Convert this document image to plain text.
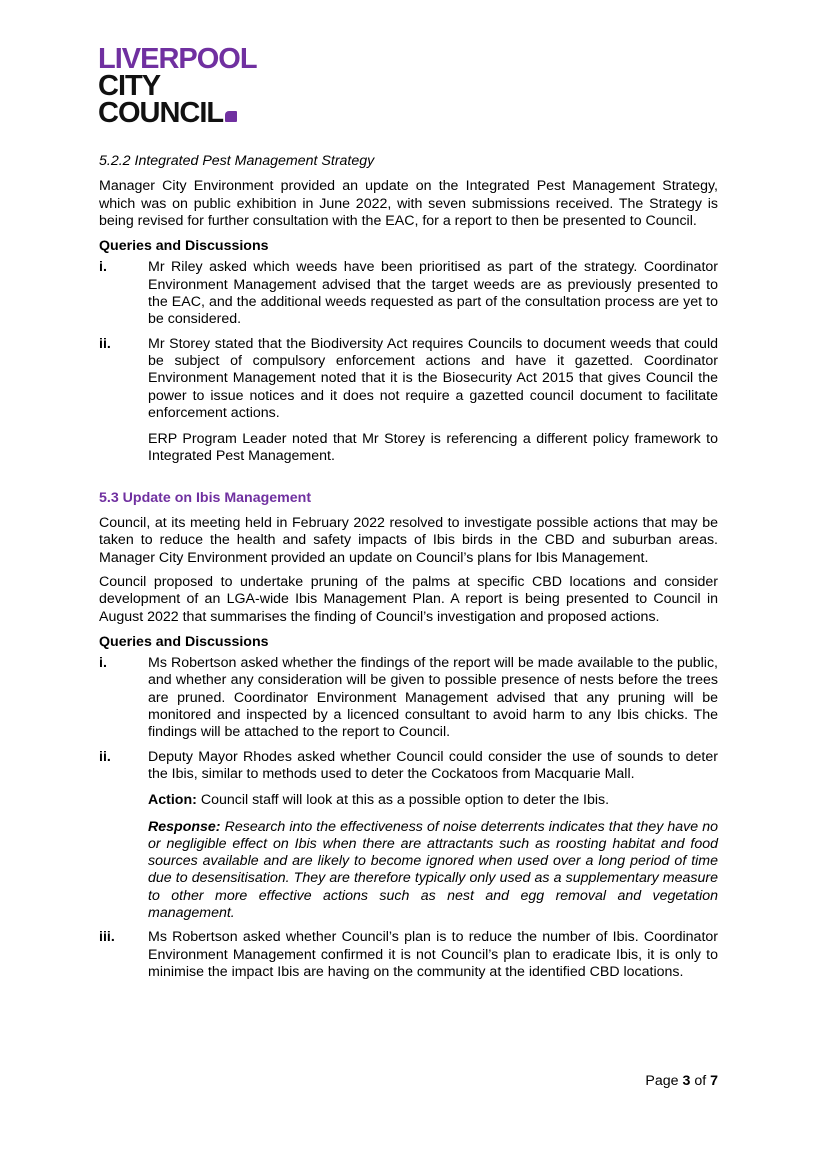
LIVERPOOL
CITY
COUNCIL

5.2.2 Integrated Pest Management Strategy

Manager City Environment provided an update on the Integrated Pest Management Strategy, which was on public exhibition in June 2022, with seven submissions received. The Strategy is being revised for further consultation with the EAC, for a report to then be presented to Council.

Queries and Discussions

i.	Mr Riley asked which weeds have been prioritised as part of the strategy. Coordinator Environment Management advised that the target weeds are as previously presented to the EAC, and the additional weeds requested as part of the consultation process are yet to be considered.

ii.	Mr Storey stated that the Biodiversity Act requires Councils to document weeds that could be subject of compulsory enforcement actions and have it gazetted. Coordinator Environment Management noted that it is the Biosecurity Act 2015 that gives Council the power to issue notices and it does not require a gazetted council document to facilitate enforcement actions.

ERP Program Leader noted that Mr Storey is referencing a different policy framework to Integrated Pest Management.

5.3 Update on Ibis Management

Council, at its meeting held in February 2022 resolved to investigate possible actions that may be taken to reduce the health and safety impacts of Ibis birds in the CBD and suburban areas. Manager City Environment provided an update on Council’s plans for Ibis Management.

Council proposed to undertake pruning of the palms at specific CBD locations and consider development of an LGA-wide Ibis Management Plan. A report is being presented to Council in August 2022 that summarises the finding of Council’s investigation and proposed actions.

Queries and Discussions

i.	Ms Robertson asked whether the findings of the report will be made available to the public, and whether any consideration will be given to possible presence of nests before the trees are pruned. Coordinator Environment Management advised that any pruning will be monitored and inspected by a licenced consultant to avoid harm to any Ibis chicks. The findings will be attached to the report to Council.

ii.	Deputy Mayor Rhodes asked whether Council could consider the use of sounds to deter the Ibis, similar to methods used to deter the Cockatoos from Macquarie Mall.

Action: Council staff will look at this as a possible option to deter the Ibis.

Response: Research into the effectiveness of noise deterrents indicates that they have no or negligible effect on Ibis when there are attractants such as roosting habitat and food sources available and are likely to become ignored when used over a long period of time due to desensitisation. They are therefore typically only used as a supplementary measure to other more effective actions such as nest and egg removal and vegetation management.

iii.	Ms Robertson asked whether Council’s plan is to reduce the number of Ibis. Coordinator Environment Management confirmed it is not Council’s plan to eradicate Ibis, it is only to minimise the impact Ibis are having on the community at the identified CBD locations.

Page 3 of 7
